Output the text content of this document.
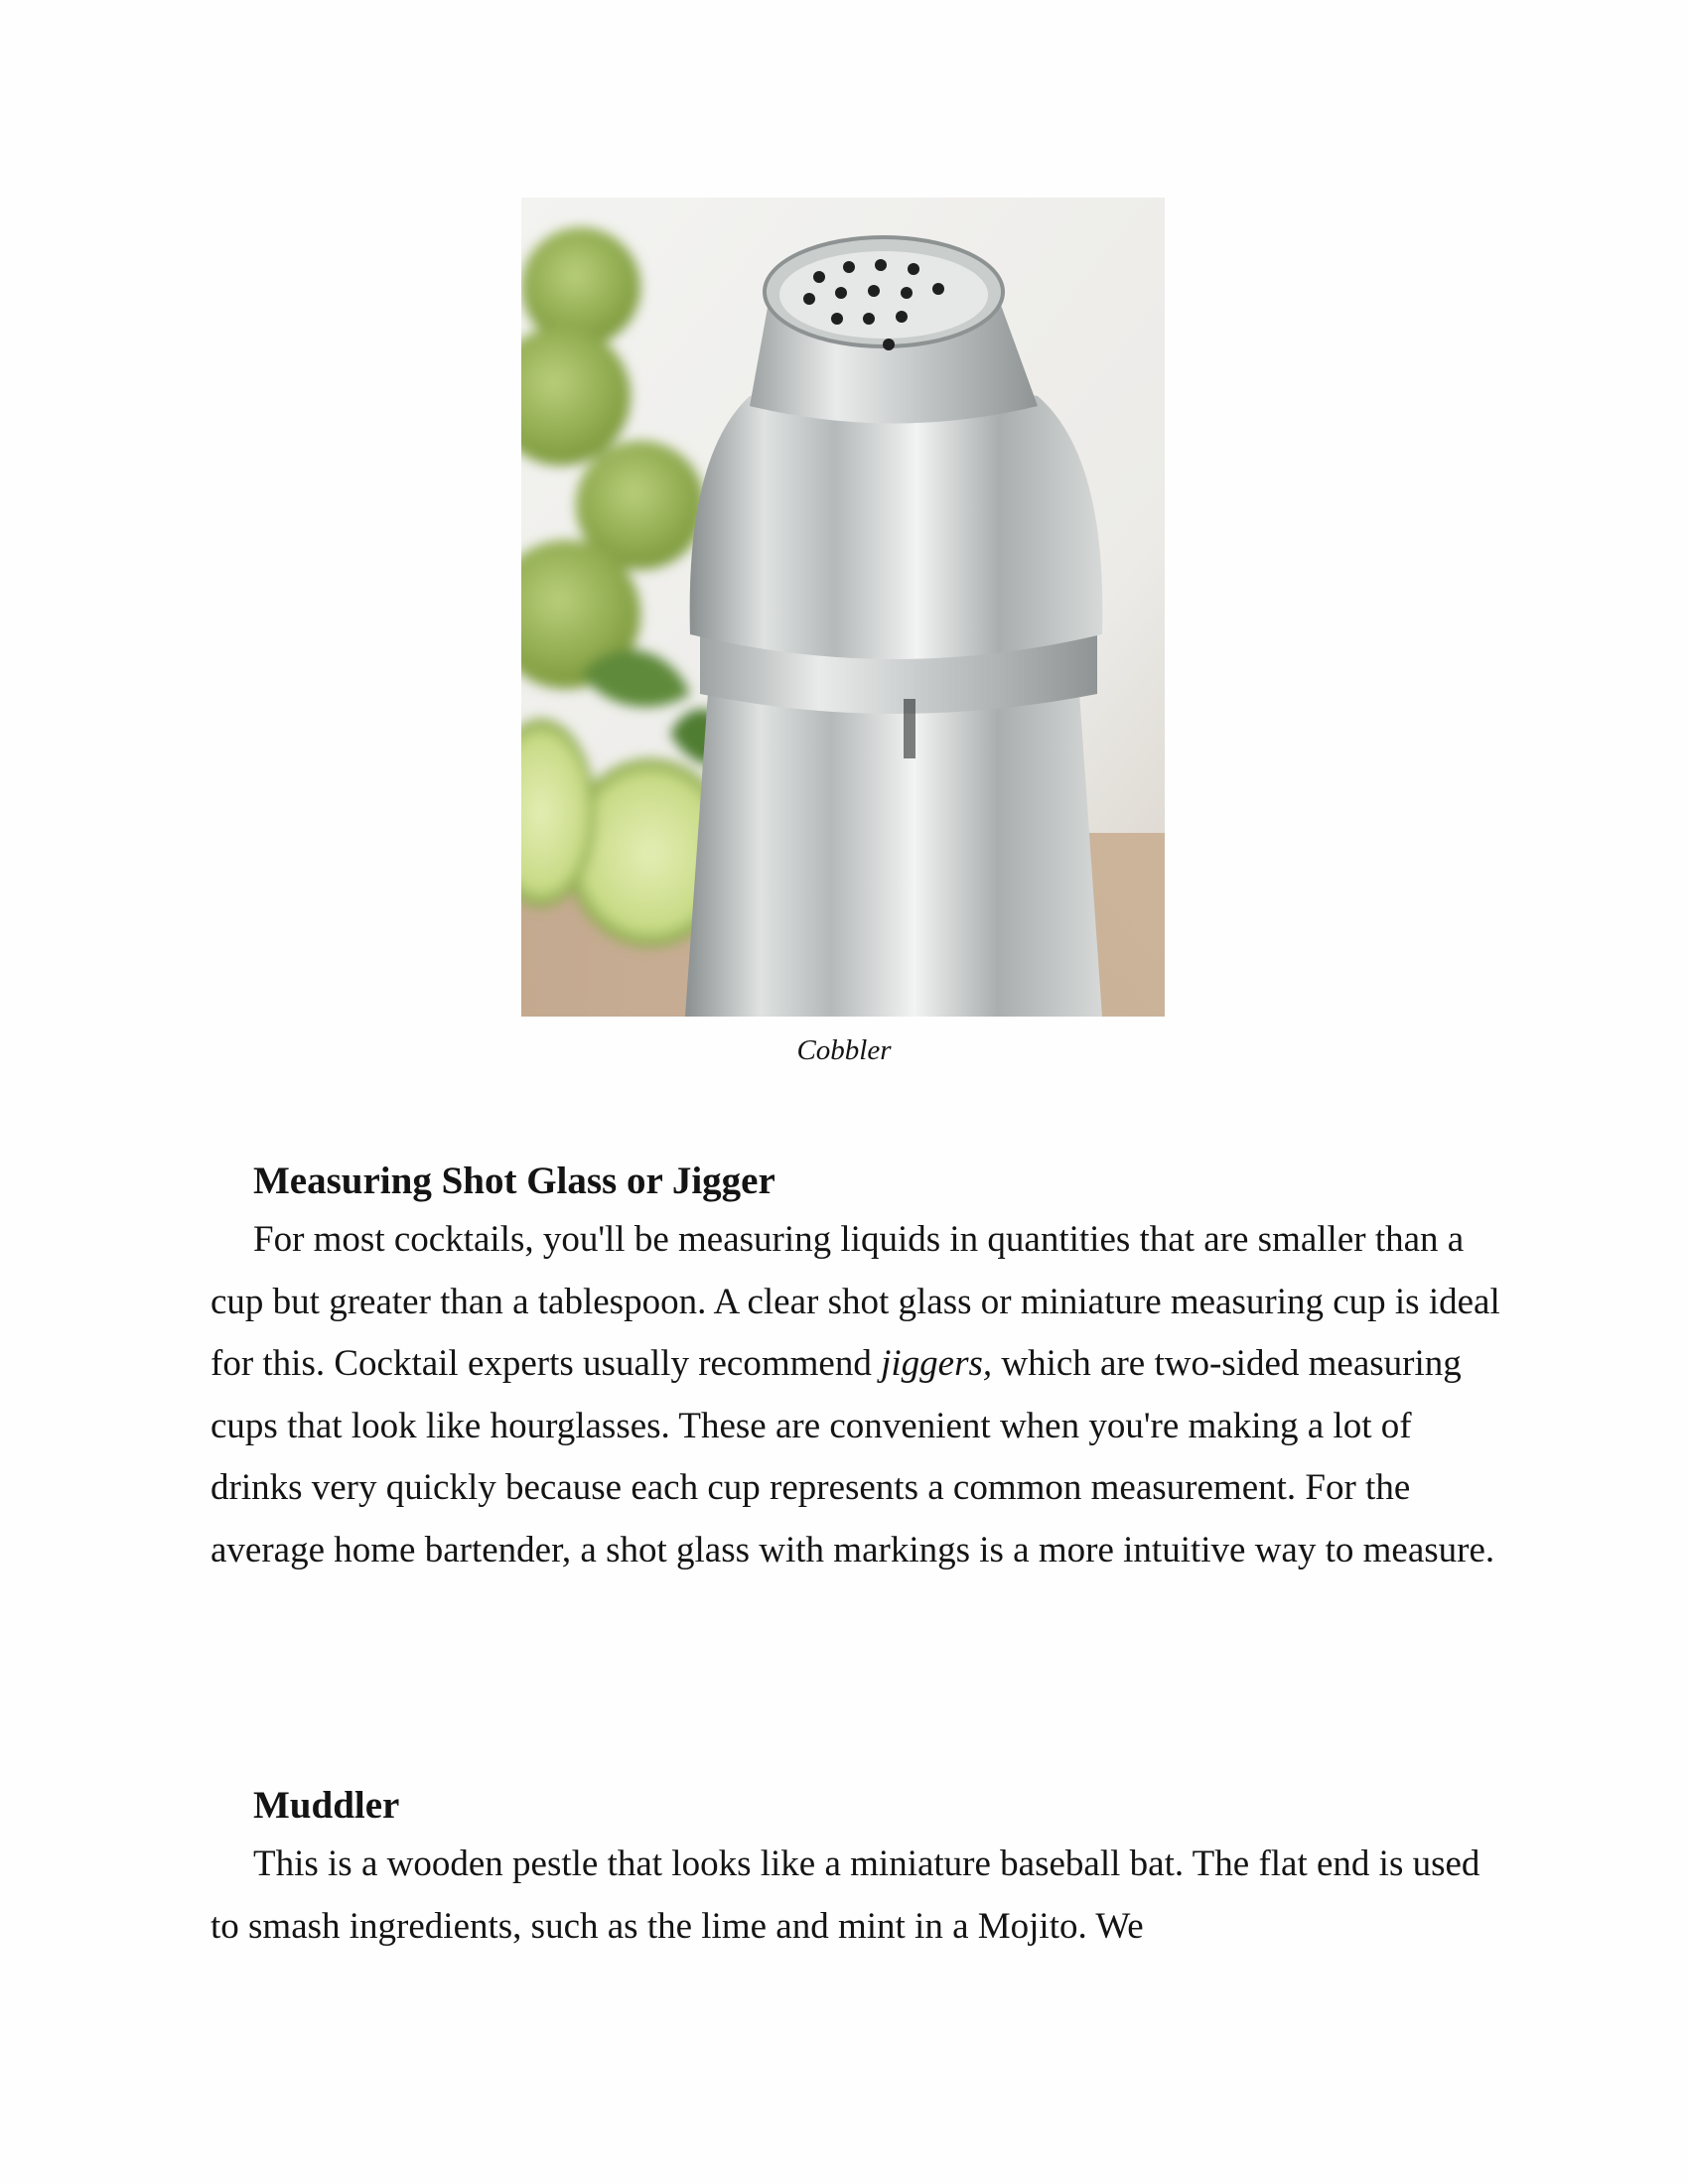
Cobbler
Measuring Shot Glass or Jigger

For most cocktails, you'll be measuring liquids in quantities that are smaller than a cup but greater than a tablespoon. A clear shot glass or miniature measuring cup is ideal for this. Cocktail experts usually recommend jiggers, which are two-sided measuring cups that look like hourglasses. These are convenient when you're making a lot of drinks very quickly because each cup represents a common measurement. For the average home bartender, a shot glass with markings is a more intuitive way to measure.

Muddler

This is a wooden pestle that looks like a miniature baseball bat. The flat end is used to smash ingredients, such as the lime and mint in a Mojito. We
